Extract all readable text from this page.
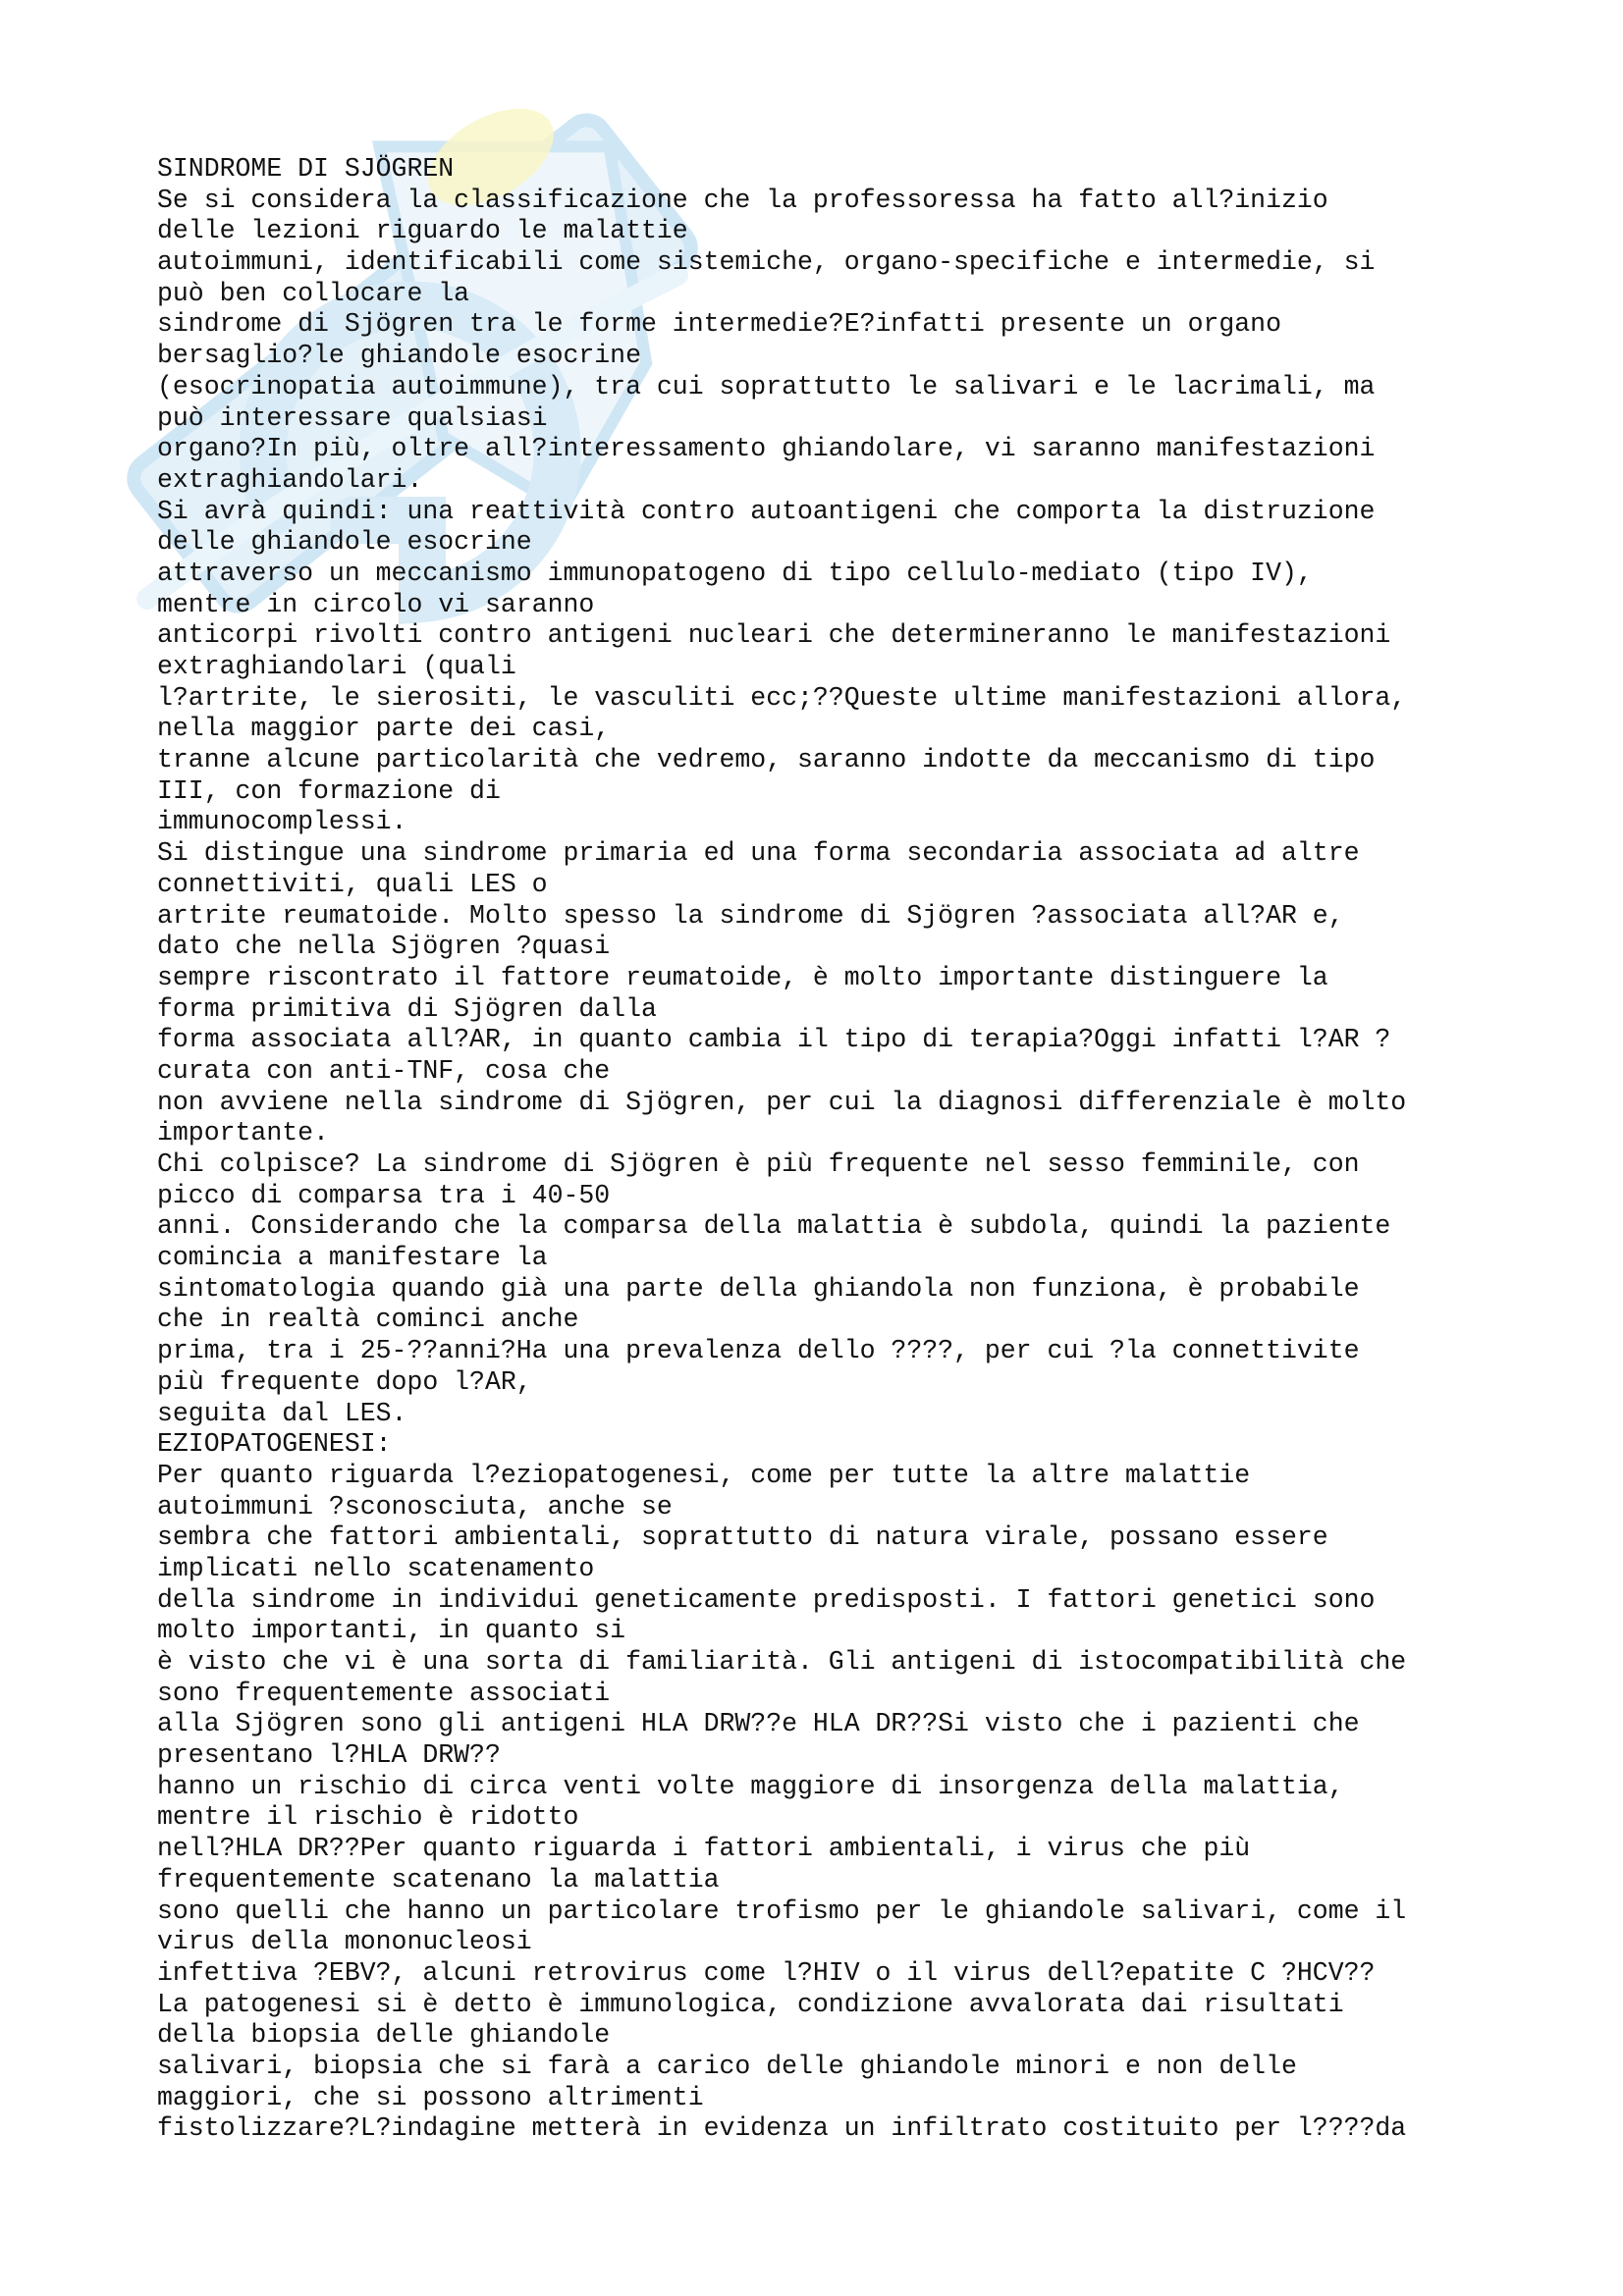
SINDROME DI SJÖGREN
Se si considera la classificazione che la professoressa ha fatto all?inizio
delle lezioni riguardo le malattie
autoimmuni, identificabili come sistemiche, organo-specifiche e intermedie, si
può ben collocare la
sindrome di Sjögren tra le forme intermedie?E?infatti presente un organo
bersaglio?le ghiandole esocrine
(esocrinopatia autoimmune), tra cui soprattutto le salivari e le lacrimali, ma
può interessare qualsiasi
organo?In più, oltre all?interessamento ghiandolare, vi saranno manifestazioni
extraghiandolari.
Si avrà quindi: una reattività contro autoantigeni che comporta la distruzione
delle ghiandole esocrine
attraverso un meccanismo immunopatogeno di tipo cellulo-mediato (tipo IV),
mentre in circolo vi saranno
anticorpi rivolti contro antigeni nucleari che determineranno le manifestazioni
extraghiandolari (quali
l?artrite, le sierositi, le vasculiti ecc;??Queste ultime manifestazioni allora,
nella maggior parte dei casi,
tranne alcune particolarità che vedremo, saranno indotte da meccanismo di tipo
III, con formazione di
immunocomplessi.
Si distingue una sindrome primaria ed una forma secondaria associata ad altre
connettiviti, quali LES o
artrite reumatoide. Molto spesso la sindrome di Sjögren ?associata all?AR e,
dato che nella Sjögren ?quasi
sempre riscontrato il fattore reumatoide, è molto importante distinguere la
forma primitiva di Sjögren dalla
forma associata all?AR, in quanto cambia il tipo di terapia?Oggi infatti l?AR ?
curata con anti-TNF, cosa che
non avviene nella sindrome di Sjögren, per cui la diagnosi differenziale è molto
importante.
Chi colpisce? La sindrome di Sjögren è più frequente nel sesso femminile, con
picco di comparsa tra i 40-50
anni. Considerando che la comparsa della malattia è subdola, quindi la paziente
comincia a manifestare la
sintomatologia quando già una parte della ghiandola non funziona, è probabile
che in realtà cominci anche
prima, tra i 25-??anni?Ha una prevalenza dello ????, per cui ?la connettivite
più frequente dopo l?AR,
seguita dal LES.
EZIOPATOGENESI:
Per quanto riguarda l?eziopatogenesi, come per tutte la altre malattie
autoimmuni ?sconosciuta, anche se
sembra che fattori ambientali, soprattutto di natura virale, possano essere
implicati nello scatenamento
della sindrome in individui geneticamente predisposti. I fattori genetici sono
molto importanti, in quanto si
è visto che vi è una sorta di familiarità. Gli antigeni di istocompatibilità che
sono frequentemente associati
alla Sjögren sono gli antigeni HLA DRW??e HLA DR??Si visto che i pazienti che
presentano l?HLA DRW??
hanno un rischio di circa venti volte maggiore di insorgenza della malattia,
mentre il rischio è ridotto
nell?HLA DR??Per quanto riguarda i fattori ambientali, i virus che più
frequentemente scatenano la malattia
sono quelli che hanno un particolare trofismo per le ghiandole salivari, come il
virus della mononucleosi
infettiva ?EBV?, alcuni retrovirus come l?HIV o il virus dell?epatite C ?HCV??
La patogenesi si è detto è immunologica, condizione avvalorata dai risultati
della biopsia delle ghiandole
salivari, biopsia che si farà a carico delle ghiandole minori e non delle
maggiori, che si possono altrimenti
fistolizzare?L?indagine metterà in evidenza un infiltrato costituito per l????da
